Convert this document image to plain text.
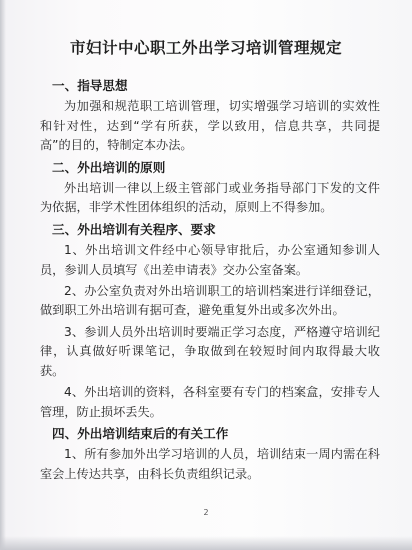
市妇计中心职工外出学习培训管理规定
一、指导思想

为加强和规范职工培训管理，切实增强学习培训的实效性和针对性，达到“学有所获，学以致用，信息共享，共同提高”的目的，特制定本办法。

二、外出培训的原则

外出培训一律以上级主管部门或业务指导部门下发的文件为依据，非学术性团体组织的活动，原则上不得参加。

三、外出培训有关程序、要求

1、外出培训文件经中心领导审批后，办公室通知参训人员，参训人员填写《出差申请表》交办公室备案。

2、办公室负责对外出培训职工的培训档案进行详细登记，做到职工外出培训有据可查，避免重复外出或多次外出。

3、参训人员外出培训时要端正学习态度，严格遵守培训纪律，认真做好听课笔记，争取做到在较短时间内取得最大收获。

4、外出培训的资料，各科室要有专门的档案盒，安排专人管理，防止损坏丢失。

四、外出培训结束后的有关工作

1、所有参加外出学习培训的人员，培训结束一周内需在科室会上传达共享，由科长负责组织记录。

2
